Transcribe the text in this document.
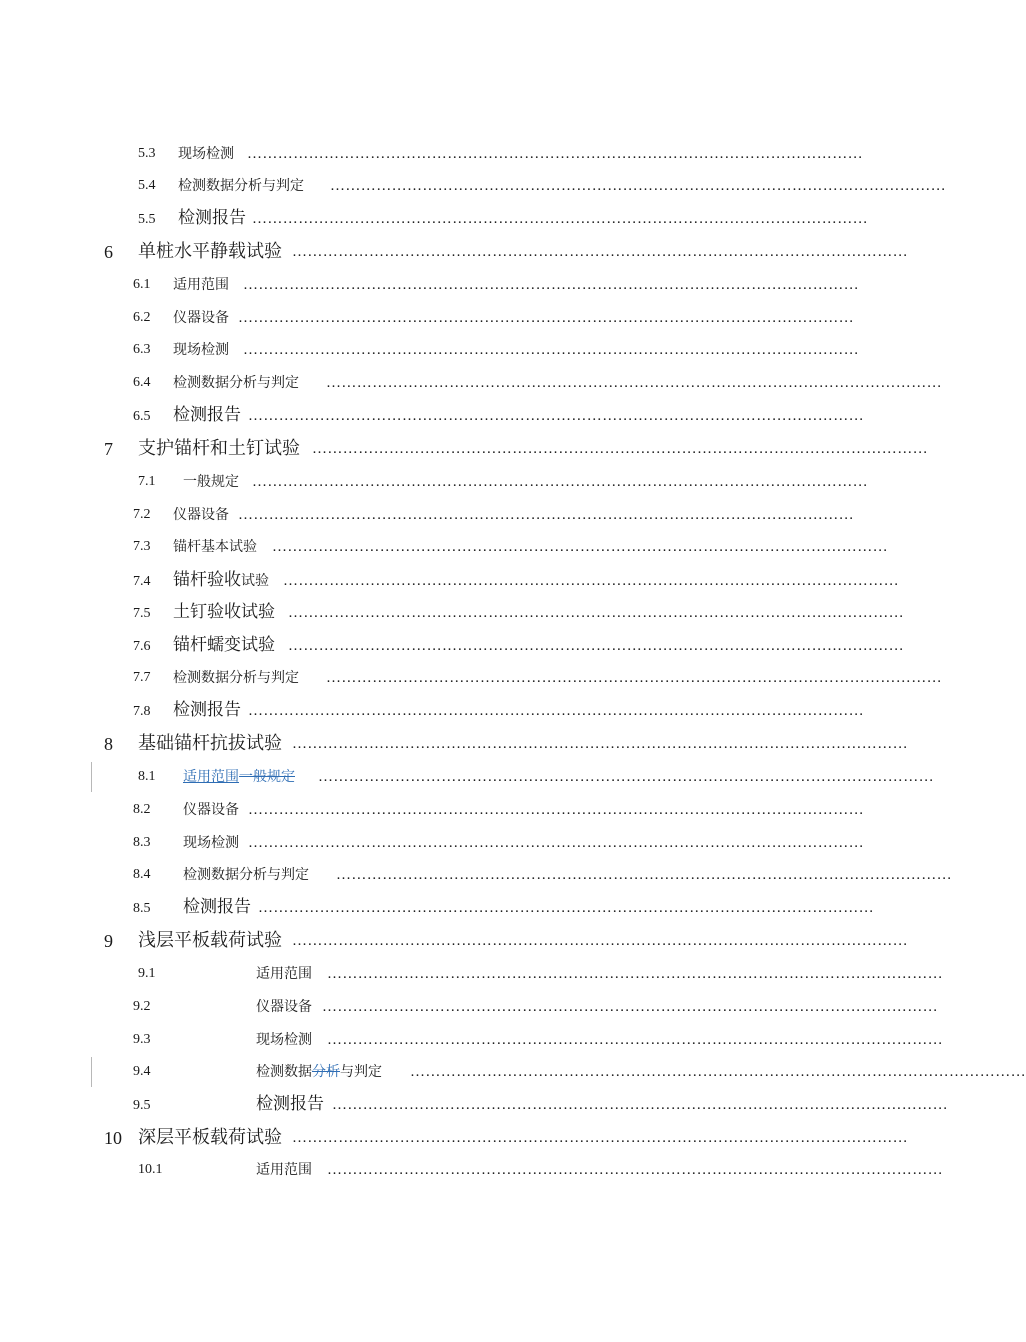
5.3 现场检测 …………………………………………………………………………………………………………
5.4 检测数据分析与判定 …………………………………………………………………………………………………………
5.5 检测报告 …………………………………………………………………………………………………………
6 单桩水平静载试验 …………………………………………………………………………………………………………
6.1 适用范围 …………………………………………………………………………………………………………
6.2 仪器设备 …………………………………………………………………………………………………………
6.3 现场检测 …………………………………………………………………………………………………………
6.4 检测数据分析与判定 …………………………………………………………………………………………………………
6.5 检测报告 …………………………………………………………………………………………………………
7 支护锚杆和土钉试验 …………………………………………………………………………………………………………
7.1 一般规定 …………………………………………………………………………………………………………
7.2 仪器设备 …………………………………………………………………………………………………………
7.3 锚杆基本试验 …………………………………………………………………………………………………………
7.4 锚杆验收试验 …………………………………………………………………………………………………………
7.5 土钉验收试验 …………………………………………………………………………………………………………
7.6 锚杆蠕变试验 …………………………………………………………………………………………………………
7.7 检测数据分析与判定 …………………………………………………………………………………………………………
7.8 检测报告 …………………………………………………………………………………………………………
8 基础锚杆抗拔试验 …………………………………………………………………………………………………………
8.1 适用范围一般规定 …………………………………………………………………………………………………………
8.2 仪器设备 …………………………………………………………………………………………………………
8.3 现场检测 …………………………………………………………………………………………………………
8.4 检测数据分析与判定 …………………………………………………………………………………………………………
8.5 检测报告 …………………………………………………………………………………………………………
9 浅层平板载荷试验 …………………………………………………………………………………………………………
9.1	适用范围 …………………………………………………………………………………………………………
9.2	仪器设备 …………………………………………………………………………………………………………
9.3	现场检测 …………………………………………………………………………………………………………
9.4	检测数据分析与判定 …………………………………………………………………………………………………………
9.5	检测报告 …………………………………………………………………………………………………………
10 深层平板载荷试验 …………………………………………………………………………………………………………
10.1	适用范围 …………………………………………………………………………………………………………
